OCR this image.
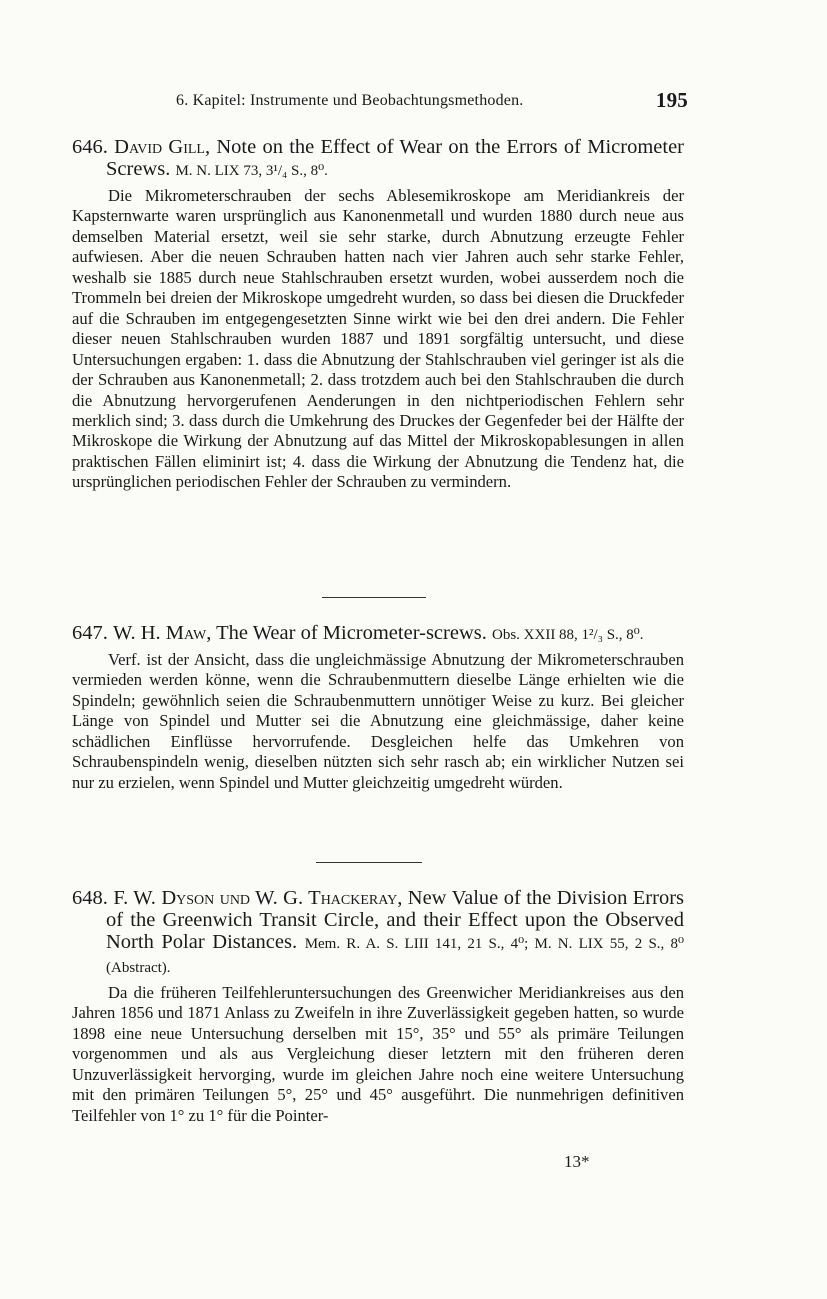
6. Kapitel: Instrumente und Beobachtungsmethoden.	195
646. David Gill, Note on the Effect of Wear on the Errors of Micrometer Screws. M. N. LIX 73, 3¹/₄ S., 8⁰.

Die Mikrometerschrauben der sechs Ablesemikroskope am Meridiankreis der Kapsternwarte waren ursprünglich aus Kanonenmetall und wurden 1880 durch neue aus demselben Material ersetzt, weil sie sehr starke, durch Abnutzung erzeugte Fehler aufwiesen. Aber die neuen Schrauben hatten nach vier Jahren auch sehr starke Fehler, weshalb sie 1885 durch neue Stahlschrauben ersetzt wurden, wobei ausserdem noch die Trommeln bei dreien der Mikroskope umgedreht wurden, so dass bei diesen die Druckfeder auf die Schrauben im entgegengesetzten Sinne wirkt wie bei den drei andern. Die Fehler dieser neuen Stahlschrauben wurden 1887 und 1891 sorgfältig untersucht, und diese Untersuchungen ergaben: 1. dass die Abnutzung der Stahlschrauben viel geringer ist als die der Schrauben aus Kanonenmetall; 2. dass trotzdem auch bei den Stahlschrauben die durch die Abnutzung hervorgerufenen Aenderungen in den nichtperiodischen Fehlern sehr merklich sind; 3. dass durch die Umkehrung des Druckes der Gegenfeder bei der Hälfte der Mikroskope die Wirkung der Abnutzung auf das Mittel der Mikroskopablesungen in allen praktischen Fällen eliminirt ist; 4. dass die Wirkung der Abnutzung die Tendenz hat, die ursprünglichen periodischen Fehler der Schrauben zu vermindern.

647. W. H. Maw, The Wear of Micrometer-screws. Obs. XXII 88, 1²/₃ S., 8⁰.

Verf. ist der Ansicht, dass die ungleichmässige Abnutzung der Mikrometerschrauben vermieden werden könne, wenn die Schraubenmuttern dieselbe Länge erhielten wie die Spindeln; gewöhnlich seien die Schraubenmuttern unnötiger Weise zu kurz. Bei gleicher Länge von Spindel und Mutter sei die Abnutzung eine gleichmässige, daher keine schädlichen Einflüsse hervorrufende. Desgleichen helfe das Umkehren von Schraubenspindeln wenig, dieselben nützten sich sehr rasch ab; ein wirklicher Nutzen sei nur zu erzielen, wenn Spindel und Mutter gleichzeitig umgedreht würden.

648. F. W. Dyson und W. G. Thackeray, New Value of the Division Errors of the Greenwich Transit Circle, and their Effect upon the Observed North Polar Distances. Mem. R. A. S. LIII 141, 21 S., 4⁰; M. N. LIX 55, 2 S., 8⁰ (Abstract).

Da die früheren Teilfehleruntersuchungen des Greenwicher Meridiankreises aus den Jahren 1856 und 1871 Anlass zu Zweifeln in ihre Zuverlässigkeit gegeben hatten, so wurde 1898 eine neue Untersuchung derselben mit 15°, 35° und 55° als primäre Teilungen vorgenommen und als aus Vergleichung dieser letztern mit den früheren deren Unzuverlässigkeit hervorging, wurde im gleichen Jahre noch eine weitere Untersuchung mit den primären Teilungen 5°, 25° und 45° ausgeführt. Die nunmehrigen definitiven Teilfehler von 1° zu 1° für die Pointer-

13*
